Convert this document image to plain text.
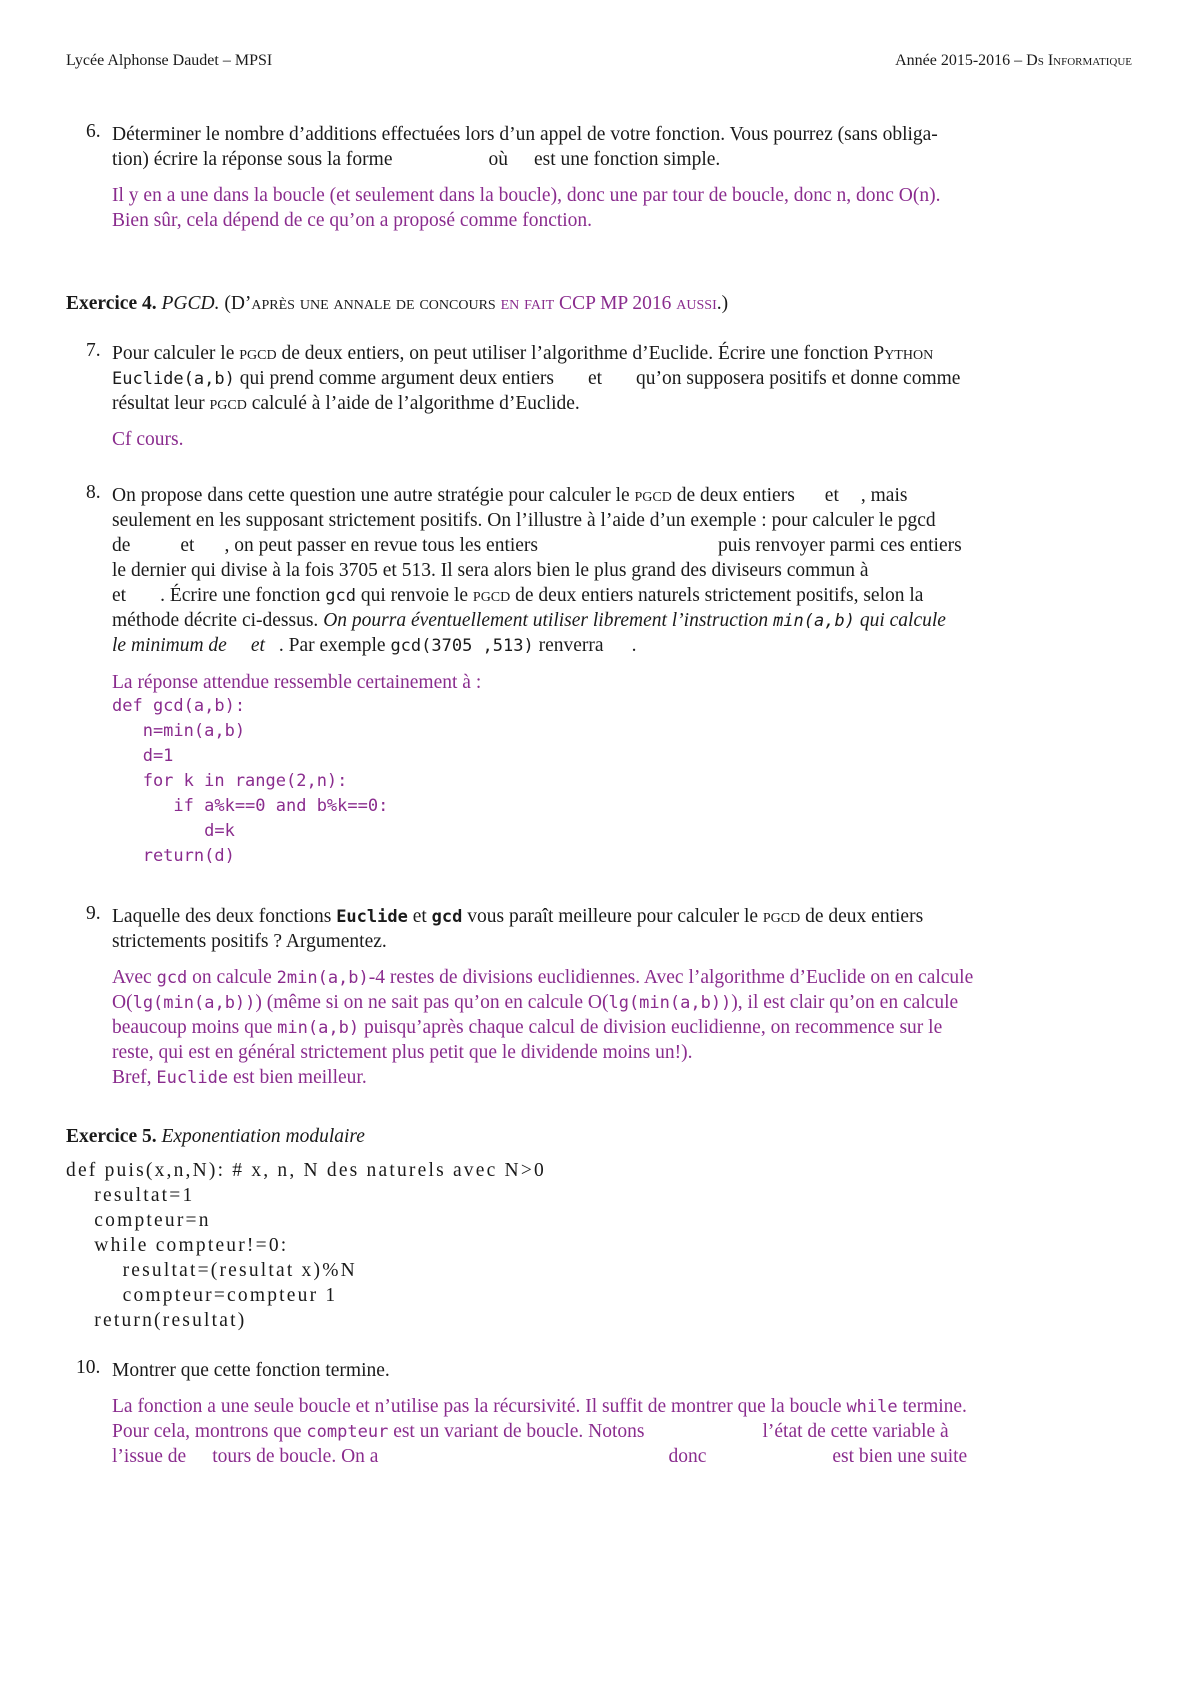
Lycée Alphonse Daudet – MPSI	Année 2015-2016 – Ds Informatique
6. Déterminer le nombre d’additions effectuées lors d’un appel de votre fonction. Vous pourrez (sans obliga-
tion) écrire la réponse sous la forme	où est une fonction simple.
Il y en a une dans la boucle (et seulement dans la boucle), donc une par tour de boucle, donc n, donc O(n).
Bien sûr, cela dépend de ce qu’on a proposé comme fonction.
Exercice 4. PGCD. (D’après une annale de concours en fait CCP MP 2016 aussi.)
7. Pour calculer le pgcd de deux entiers, on peut utiliser l’algorithme d’Euclide. Écrire une fonction Python
Euclide(a,b) qui prend comme argument deux entiers et qu’on supposera positifs et donne comme
résultat leur pgcd calculé à l’aide de l’algorithme d’Euclide.
Cf cours.
8. On propose dans cette question une autre stratégie pour calculer le pgcd de deux entiers et , mais
seulement en les supposant strictement positifs. On l’illustre à l’aide d’un exemple : pour calculer le pgcd
de	et , on peut passer en revue tous les entiers	puis renvoyer parmi ces entiers
le dernier qui divise à la fois 3705 et 513. Il sera alors bien le plus grand des diviseurs commun à
et . Écrire une fonction gcd qui renvoie le pgcd de deux entiers naturels strictement positifs, selon la
méthode décrite ci-dessus. On pourra éventuellement utiliser librement l’instruction min(a,b) qui calcule
le minimum de et . Par exemple gcd(3705 ,513) renverra .
La réponse attendue ressemble certainement à :
def gcd(a,b):
n=min(a,b)
d=1
for k in range(2,n):
if a%k==0 and b%k==0:
d=k
return(d)
9. Laquelle des deux fonctions Euclide et gcd vous paraît meilleure pour calculer le pgcd de deux entiers
strictements positifs ? Argumentez.
Avec gcd on calcule 2min(a,b)-4 restes de divisions euclidiennes. Avec l’algorithme d’Euclide on en calcule
O(lg(min(a,b))) (même si on ne sait pas qu’on en calcule O(lg(min(a,b))), il est clair qu’on en calcule
beaucoup moins que min(a,b) puisqu’après chaque calcul de division euclidienne, on recommence sur le
reste, qui est en général strictement plus petit que le dividende moins un!).
Bref, Euclide est bien meilleur.
Exercice 5. Exponentiation modulaire
def puis(x,n,N): # x, n, N des naturels avec N>0
resultat=1
compteur=n
while compteur!=0:
resultat=(resultat x)%N
compteur=compteur 1
return(resultat)
10. Montrer que cette fonction termine.
La fonction a une seule boucle et n’utilise pas la récursivité. Il suffit de montrer que la boucle while termine.
Pour cela, montrons que compteur est un variant de boucle. Notons	l’état de cette variable à
l’issue de tours de boucle. On a	donc	est bien une suite
